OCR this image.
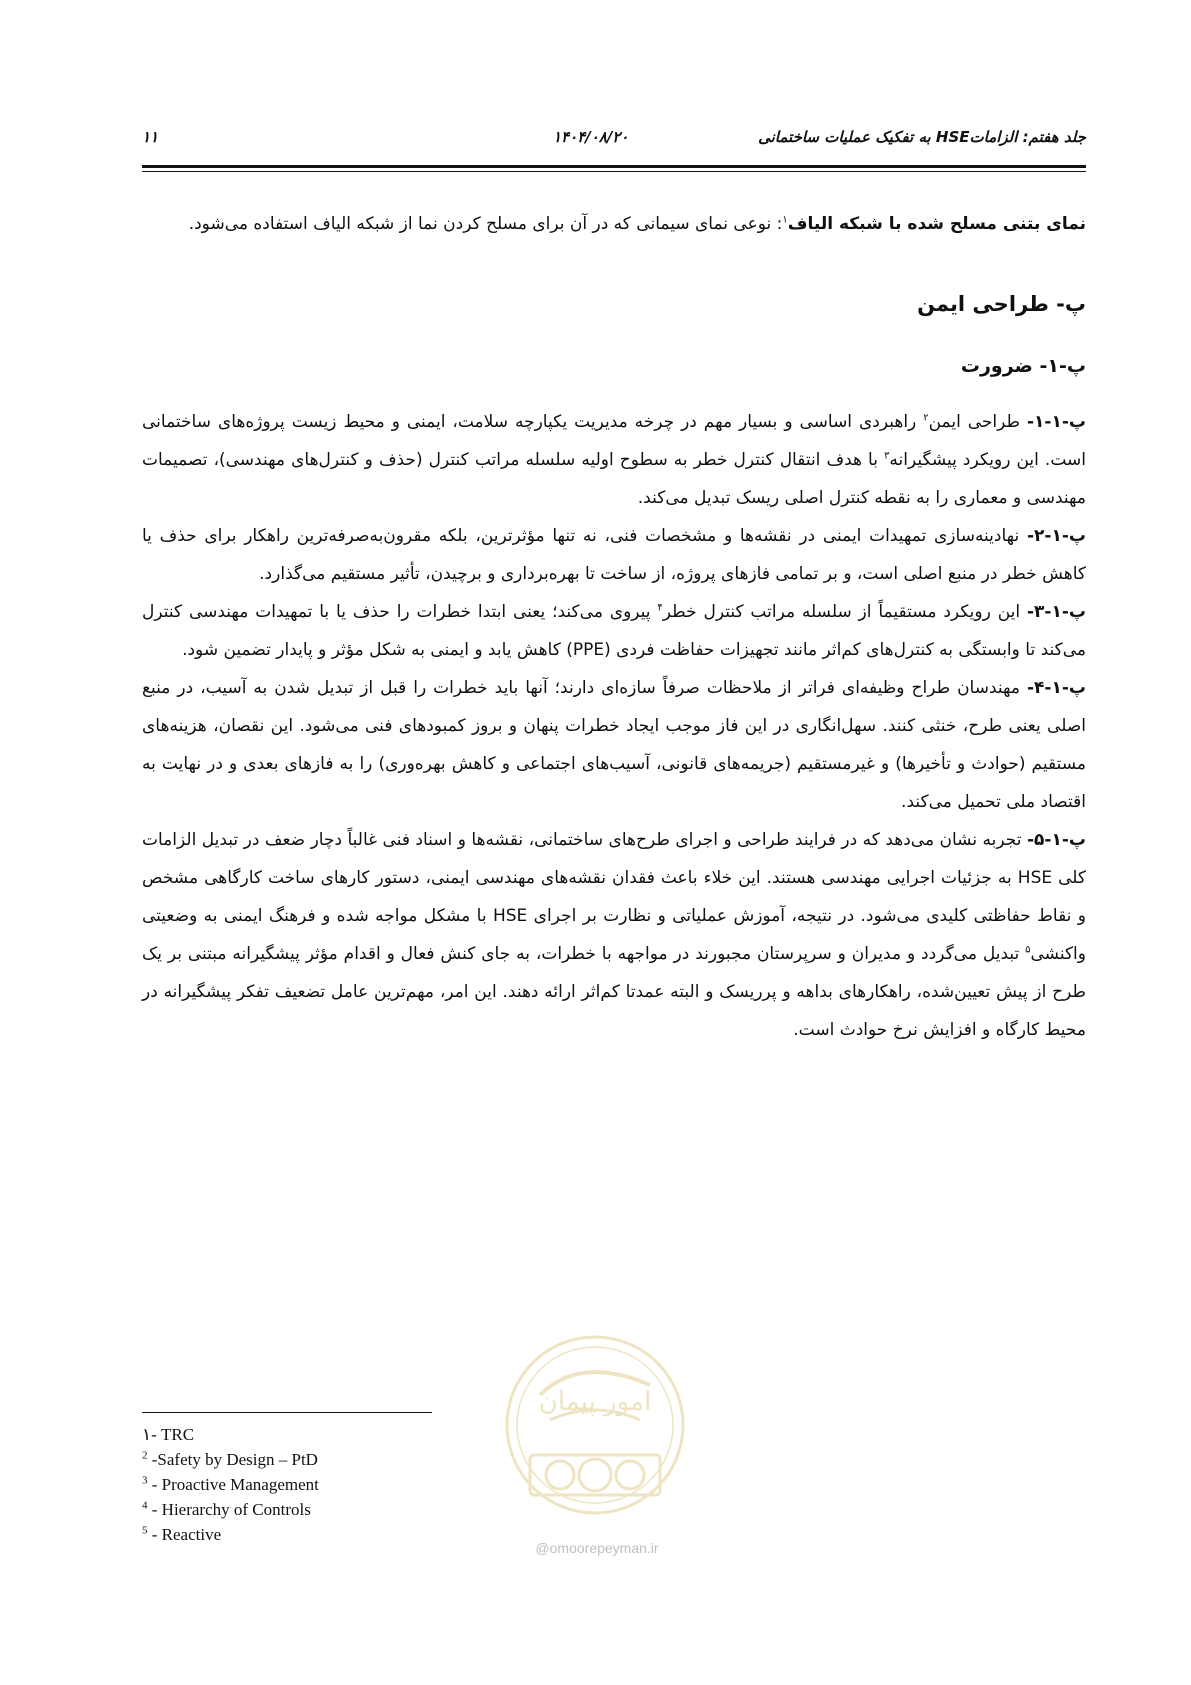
جلد هفتم: الزاماتHSE به تفکیک عملیات ساختمانی
۱۴۰۴/۰۸/۲۰
۱۱

نمای بتنی مسلح شده با شبکه الیاف$^۱$: نوعی نمای سیمانی که در آن برای مسلح کردن نما از شبکه الیاف استفاده می‌شود.

پ- طراحی ایمن

پ-۱- ضرورت

پ-۱-۱- طراحی ایمن$^۲$ راهبردی اساسی و بسیار مهم در چرخه مدیریت یکپارچه سلامت، ایمنی و محیط زیست پروژه‌های ساختمانی است. این رویکرد پیشگیرانه$^۳$ با هدف انتقال کنترل خطر به سطوح اولیه سلسله مراتب کنترل (حذف و کنترل‌های مهندسی)، تصمیمات مهندسی و معماری را به نقطه کنترل اصلی ریسک تبدیل می‌کند.

پ-۱-۲- نهادینه‌سازی تمهیدات ایمنی در نقشه‌ها و مشخصات فنی، نه تنها مؤثرترین، بلکه مقرون‌به‌صرفه‌ترین راهکار برای حذف یا کاهش خطر در منبع اصلی است، و بر تمامی فازهای پروژه، از ساخت تا بهره‌برداری و برچیدن، تأثیر مستقیم می‌گذارد.

پ-۱-۳- این رویکرد مستقیماً از سلسله مراتب کنترل خطر$^۴$ پیروی می‌کند؛ یعنی ابتدا خطرات را حذف یا با تمهیدات مهندسی کنترل می‌کند تا وابستگی به کنترل‌های کم‌اثر مانند تجهیزات حفاظت فردی (PPE) کاهش یابد و ایمنی به شکل مؤثر و پایدار تضمین شود.

پ-۱-۴- مهندسان طراح وظیفه‌ای فراتر از ملاحظات صرفاً سازه‌ای دارند؛ آنها باید خطرات را قبل از تبدیل شدن به آسیب، در منبع اصلی یعنی طرح، خنثی کنند. سهل‌انگاری در این فاز موجب ایجاد خطرات پنهان و بروز کمبودهای فنی می‌شود. این نقصان، هزینه‌های مستقیم (حوادث و تأخیرها) و غیرمستقیم (جریمه‌های قانونی، آسیب‌های اجتماعی و کاهش بهره‌وری) را به فازهای بعدی و در نهایت به اقتصاد ملی تحمیل می‌کند.

پ-۱-۵- تجربه نشان می‌دهد که در فرایند طراحی و اجرای طرح‌های ساختمانی، نقشه‌ها و اسناد فنی غالباً دچار ضعف در تبدیل الزامات کلی HSE به جزئیات اجرایی مهندسی هستند. این خلاء باعث فقدان نقشه‌های مهندسی ایمنی، دستور کارهای ساخت کارگاهی مشخص و نقاط حفاظتی کلیدی می‌شود. در نتیجه، آموزش عملیاتی و نظارت بر اجرای HSE با مشکل مواجه شده و فرهنگ ایمنی به وضعیتی واکنشی$^۵$ تبدیل می‌گردد و مدیران و سرپرستان مجبورند در مواجهه با خطرات، به جای کنش فعال و اقدام مؤثر پیشگیرانه مبتنی بر یک طرح از پیش تعیین‌شده، راهکارهای بداهه و پرریسک و البته عمدتا کم‌اثر ارائه دهند. این امر، مهم‌ترین عامل تضعیف تفکر پیشگیرانه در محیط کارگاه و افزایش نرخ حوادث است.

امور پیمان
@omoorepeyman.ir
۱- TRC
$^2$ -Safety by Design – PtD
$^3$ - Proactive Management
$^4$ - Hierarchy of Controls
$^5$ - Reactive
